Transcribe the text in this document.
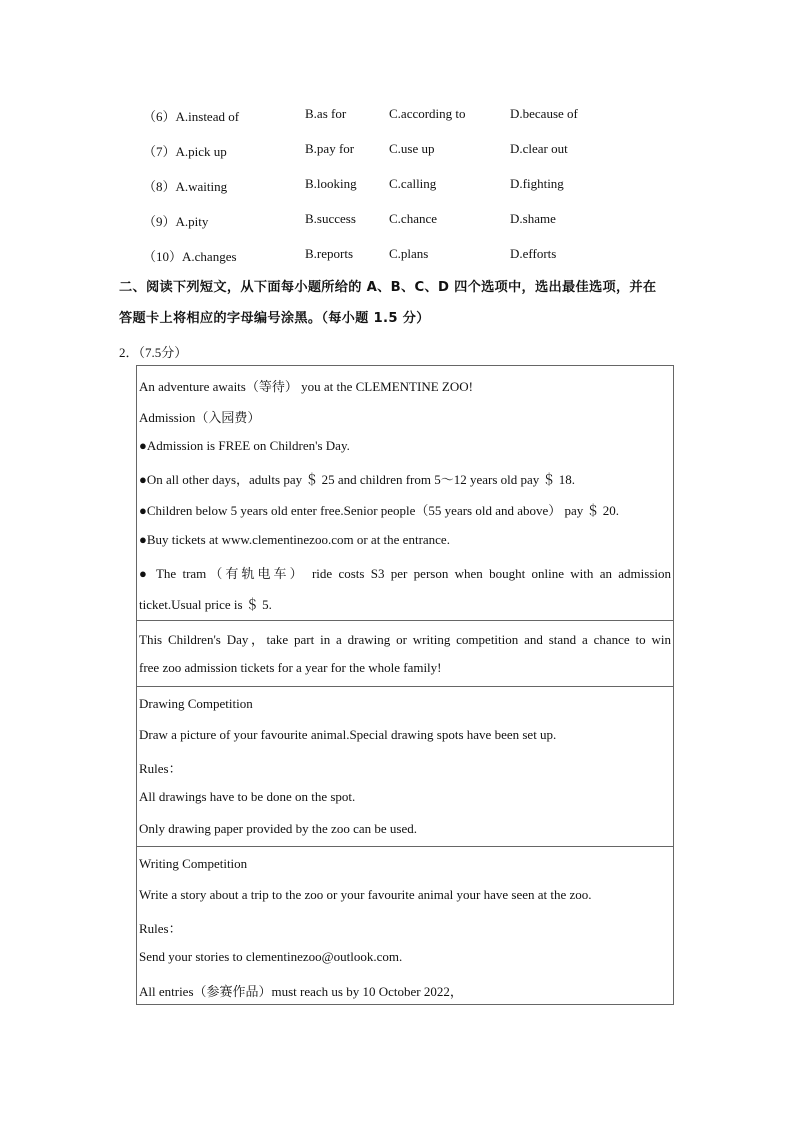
（6）A.instead of	B.as for	C.according to	D.because of
（7）A.pick up	B.pay for	C.use up	D.clear out
（8）A.waiting	B.looking C.calling	D.fighting
（9）A.pity	B.success	C.chance	D.shame
（10）A.changes	B.reports	C.plans	D.efforts
二、阅读下列短文，从下面每小题所给的 A、B、C、D 四个选项中，选出最佳选项，并在
答题卡上将相应的字母编号涂黑。（每小题 1.5 分）
2．（7.5分）
An adventure awaits（等待） you at the CLEMENTINE ZOO!
Admission（入园费）
●Admission is FREE on Children's Day.
●On all other days，adults pay ＄ 25 and children from 5～12 years old pay ＄ 18.
●Children below 5 years old enter free.Senior people（55 years old and above） pay ＄ 20.
●Buy tickets at www.clementinezoo.com or at the entrance.
● The tram（有轨电车） ride costs S3 per person when bought online with an admission
ticket.Usual price is ＄ 5.
This Children's Day，take part in a drawing or writing competition and stand a chance to win
free zoo admission tickets for a year for the whole family!
Drawing Competition
Draw a picture of your favourite animal.Special drawing spots have been set up.
Rules：
All drawings have to be done on the spot.
Only drawing paper provided by the zoo can be used.
Writing Competition
Write a story about a trip to the zoo or your favourite animal your have seen at the zoo.
Rules：
Send your stories to clementinezoo@outlook.com.
All entries（参赛作品）must reach us by 10 October 2022，
